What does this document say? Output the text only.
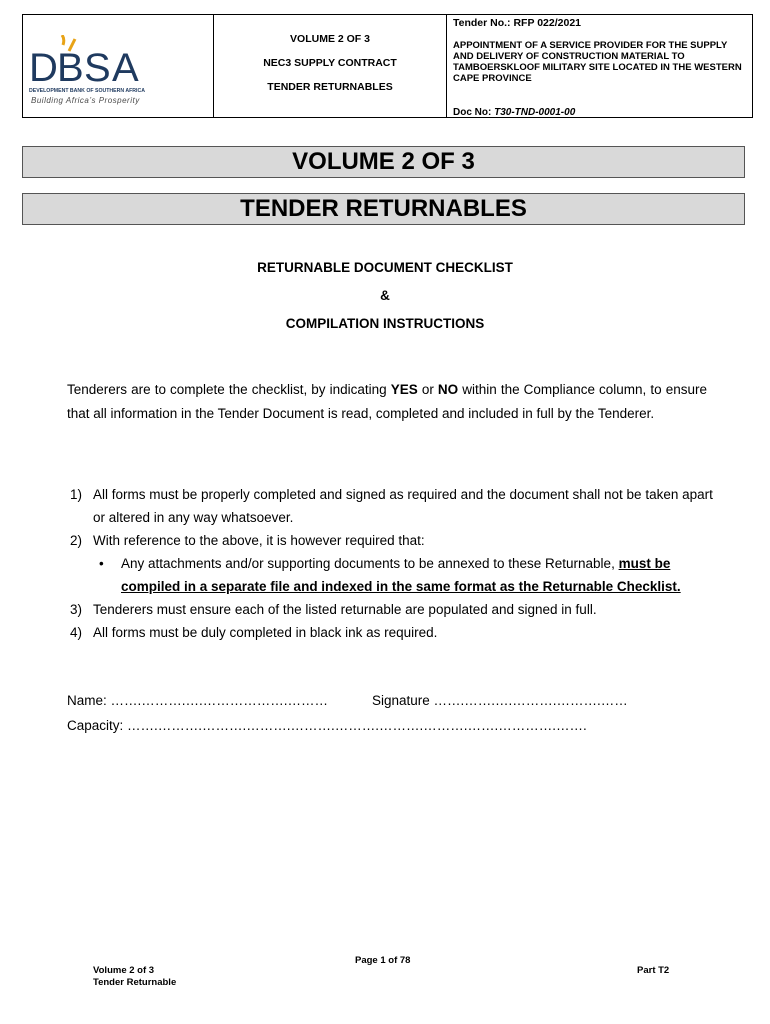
D B S A
DEVELOPMENT BANK OF SOUTHERN AFRICA
Building Africa’s Prosperity
VOLUME 2 OF 3
NEC3 SUPPLY CONTRACT
TENDER RETURNABLES
Tender No.: RFP 022/2021
APPOINTMENT OF A SERVICE PROVIDER FOR THE SUPPLY AND DELIVERY OF CONSTRUCTION MATERIAL TO TAMBOERSKLOOF MILITARY SITE LOCATED IN THE WESTERN CAPE PROVINCE
Doc No: T30-TND-0001-00
VOLUME 2 OF 3
TENDER RETURNABLES
RETURNABLE DOCUMENT CHECKLIST
&
COMPILATION INSTRUCTIONS
Tenderers are to complete the checklist, by indicating YES or NO within the Compliance column, to ensure that all information in the Tender Document is read, completed and included in full by the Tenderer.
1) All forms must be properly completed and signed as required and the document shall not be taken apart or altered in any way whatsoever.
2) With reference to the above, it is however required that:
• Any attachments and/or supporting documents to be annexed to these Returnable, must be compiled in a separate file and indexed in the same format as the Returnable Checklist.
3) Tenderers must ensure each of the listed returnable are populated and signed in full.
4) All forms must be duly completed in black ink as required.
Name: …….……….….……………….………	Signature …….…….….……….……….……
Capacity: …….……….……….……….……….……….……….……….…….………….…….
Page 1 of 78
Volume 2 of 3
Tender Returnable
Part T2
